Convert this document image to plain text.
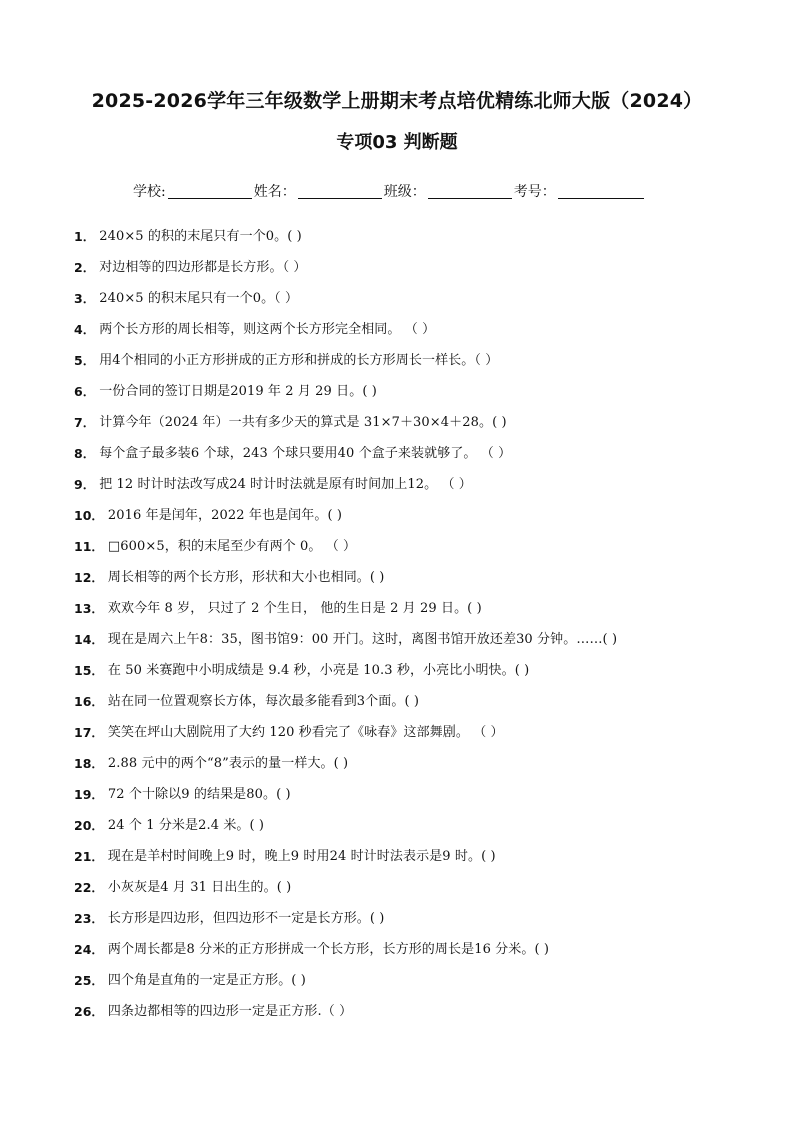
2025-2026学年三年级数学上册期末考点培优精练北师大版（2024）
专项03 判断题
学校:	姓名：	班级：	考号：
1． 240×5 的积的末尾只有一个0。( )
2． 对边相等的四边形都是长方形。（ ）
3． 240×5 的积末尾只有一个0。（ ）
4． 两个长方形的周长相等，则这两个长方形完全相同。 （ ）
5． 用4个相同的小正方形拼成的正方形和拼成的长方形周长一样长。（ ）
6． 一份合同的签订日期是2019 年 2 月 29 日。( )
7． 计算今年（2024 年）一共有多少天的算式是 31×7＋30×4＋28。( )
8． 每个盒子最多装6 个球，243 个球只要用40 个盒子来装就够了。 （ ）
9． 把 12 时计时法改写成24 时计时法就是原有时间加上12。 （ ）
10． 2016 年是闰年，2022 年也是闰年。( )
11． □600×5，积的末尾至少有两个 0。 （ ）
12． 周长相等的两个长方形，形状和大小也相同。( )
13． 欢欢今年 8 岁， 只过了 2 个生日， 他的生日是 2 月 29 日。( )
14． 现在是周六上午8：35，图书馆9：00 开门。这时，离图书馆开放还差30 分钟。……( )
15． 在 50 米赛跑中小明成绩是 9.4 秒，小亮是 10.3 秒，小亮比小明快。( )
16． 站在同一位置观察长方体，每次最多能看到3个面。( )
17． 笑笑在坪山大剧院用了大约 120 秒看完了《咏春》这部舞剧。 （ ）
18． 2.88 元中的两个“8”表示的量一样大。( )
19． 72 个十除以9 的结果是80。( )
20． 24 个 1 分米是2.4 米。( )
21． 现在是羊村时间晚上9 时，晚上9 时用24 时计时法表示是9 时。( )
22． 小灰灰是4 月 31 日出生的。( )
23． 长方形是四边形，但四边形不一定是长方形。( )
24． 两个周长都是8 分米的正方形拼成一个长方形，长方形的周长是16 分米。( )
25． 四个角是直角的一定是正方形。( )
26． 四条边都相等的四边形一定是正方形.（ ）
